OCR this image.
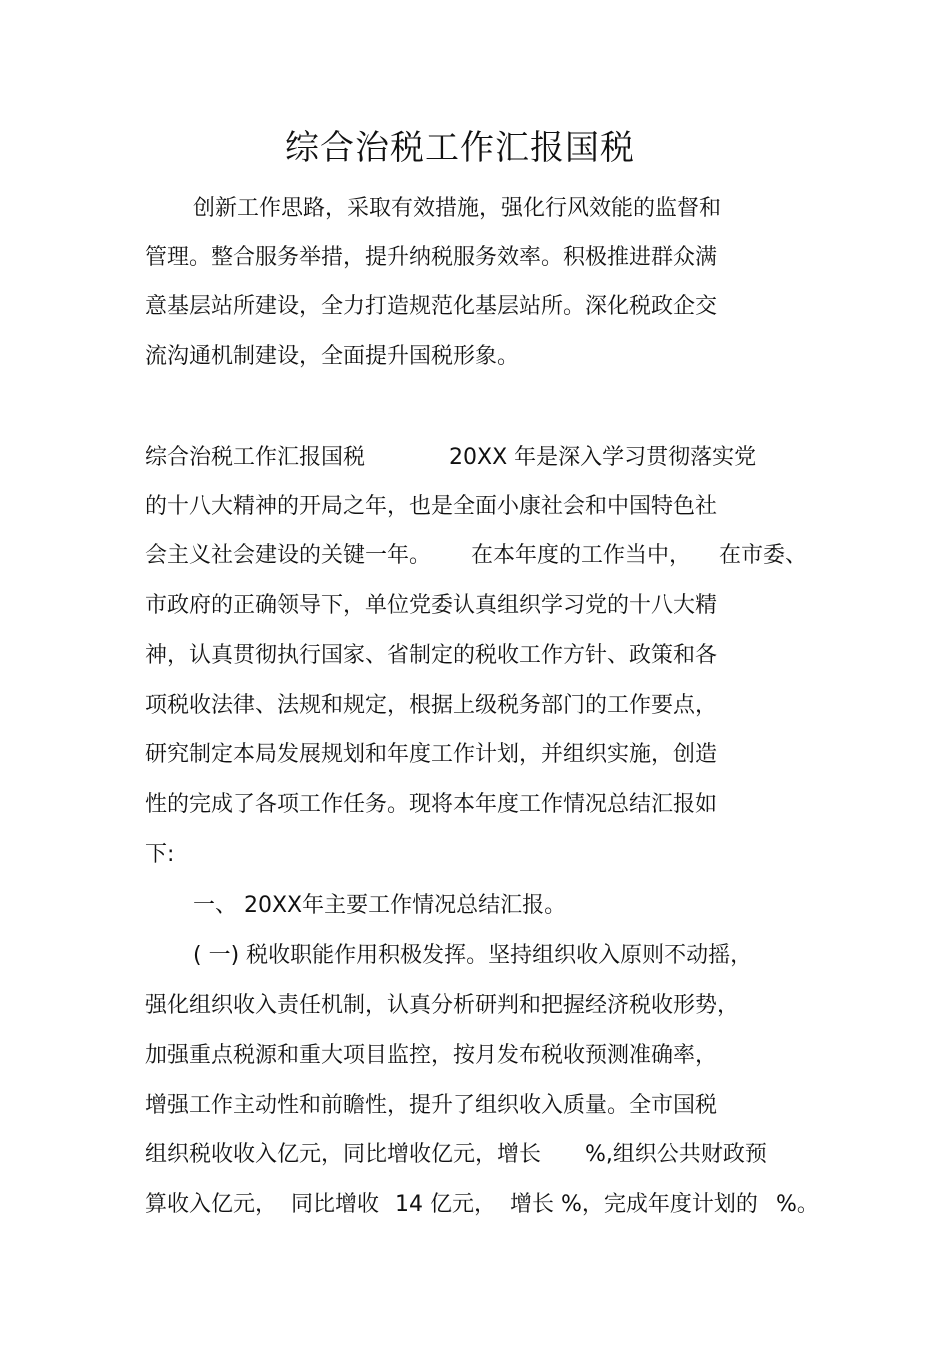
综合治税工作汇报国税

创新工作思路，采取有效措施，强化行风效能的监督和

管理。整合服务举措，提升纳税服务效率。积极推进群众满

意基层站所建设，全力打造规范化基层站所。深化税政企交

流沟通机制建设，全面提升国税形象。

综合治税工作汇报国税	20XX 年是深入学习贯彻落实党

的十八大精神的开局之年，也是全面小康社会和中国特色社

会主义社会建设的关键一年。 在本年度的工作当中， 在市委、

市政府的正确领导下，单位党委认真组织学习党的十八大精

神，认真贯彻执行国家、省制定的税收工作方针、政策和各

项税收法律、法规和规定，根据上级税务部门的工作要点，

研究制定本局发展规划和年度工作计划，并组织实施，创造

性的完成了各项工作任务。现将本年度工作情况总结汇报如

下:

一、 20XX年主要工作情况总结汇报。

( 一) 税收职能作用积极发挥。坚持组织收入原则不动摇，

强化组织收入责任机制，认真分析研判和把握经济税收形势，

加强重点税源和重大项目监控，按月发布税收预测准确率，

增强工作主动性和前瞻性，提升了组织收入质量。全市国税

组织税收收入亿元，同比增收亿元，增长 %,组织公共财政预

算收入亿元， 同比增收 14 亿元， 增长 %，完成年度计划的 %。
